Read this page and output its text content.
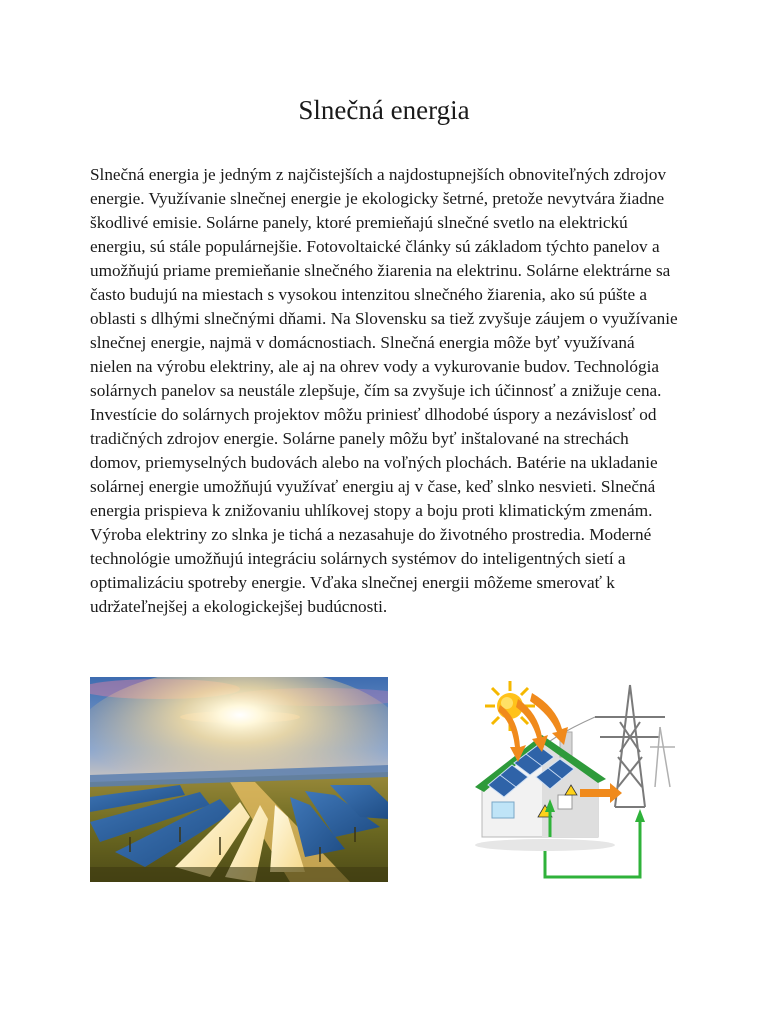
Slnečná energia

Slnečná energia je jedným z najčistejších a najdostupnejších obnoviteľných zdrojov energie. Využívanie slnečnej energie je ekologicky šetrné, pretože nevytvára žiadne škodlivé emisie. Solárne panely, ktoré premieňajú slnečné svetlo na elektrickú energiu, sú stále populárnejšie. Fotovoltaické články sú základom týchto panelov a umožňujú priame premieňanie slnečného žiarenia na elektrinu. Solárne elektrárne sa často budujú na miestach s vysokou intenzitou slnečného žiarenia, ako sú púšte a oblasti s dlhými slnečnými dňami. Na Slovensku sa tiež zvyšuje záujem o využívanie slnečnej energie, najmä v domácnostiach. Slnečná energia môže byť využívaná nielen na výrobu elektriny, ale aj na ohrev vody a vykurovanie budov. Technológia solárnych panelov sa neustále zlepšuje, čím sa zvyšuje ich účinnosť a znižuje cena. Investície do solárnych projektov môžu priniesť dlhodobé úspory a nezávislosť od tradičných zdrojov energie. Solárne panely môžu byť inštalované na strechách domov, priemyselných budovách alebo na voľných plochách. Batérie na ukladanie solárnej energie umožňujú využívať energiu aj v čase, keď slnko nesvieti. Slnečná energia prispieva k znižovaniu uhlíkovej stopy a boju proti klimatickým zmenám. Výroba elektriny zo slnka je tichá a nezasahuje do životného prostredia. Moderné technológie umožňujú integráciu solárnych systémov do inteligentných sietí a optimalizáciu spotreby energie. Vďaka slnečnej energii môžeme smerovať k udržateľnejšej a ekologickejšej budúcnosti.
